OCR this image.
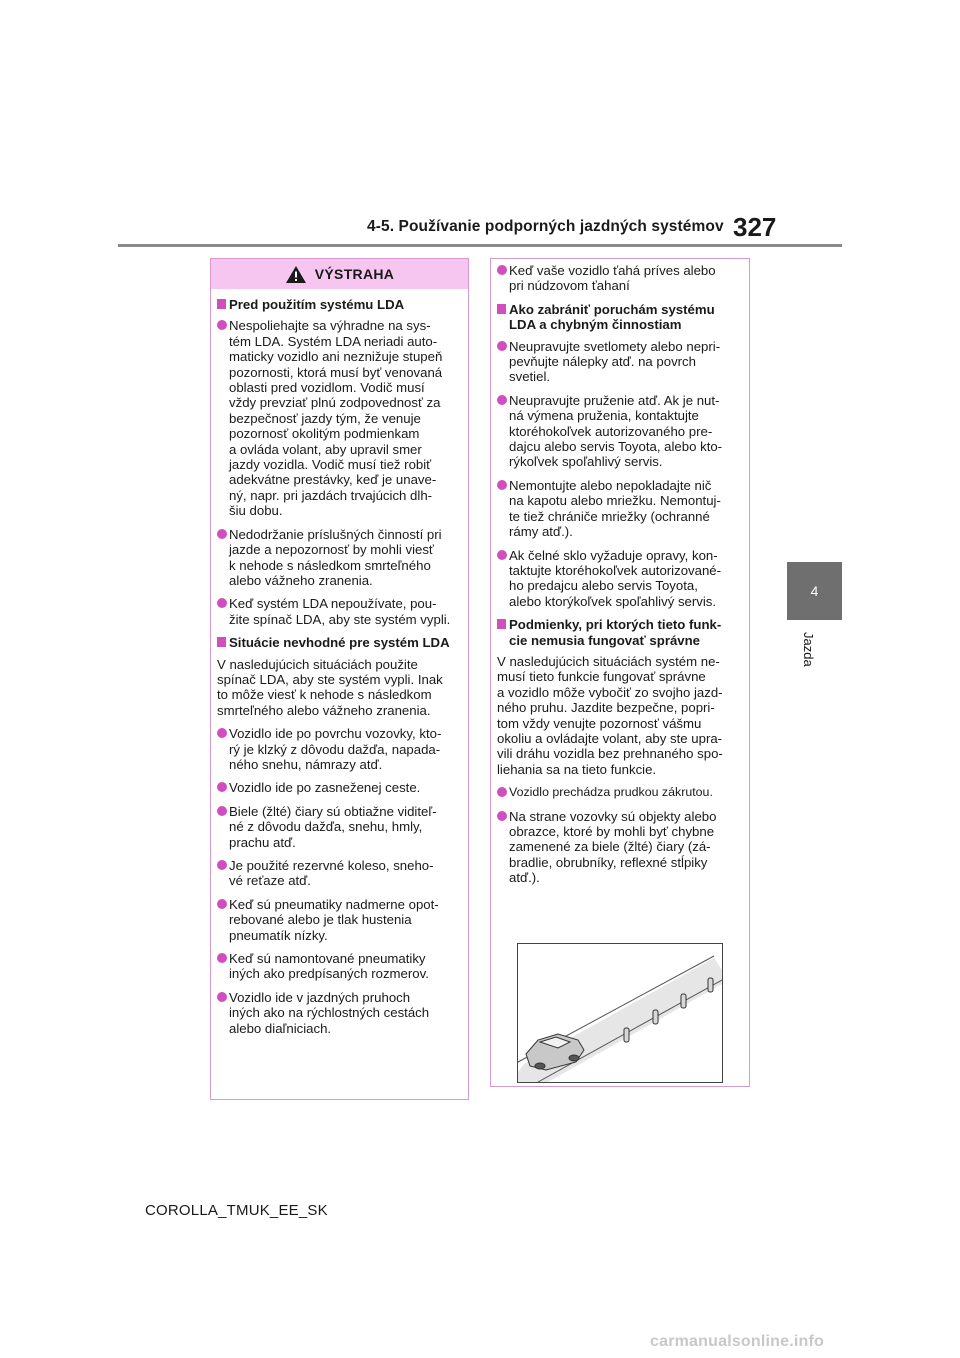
4-5. Používanie podporných jazdných systémov 327
4
Jazda
VÝSTRAHA
Pred použitím systému LDA
Nespoliehajte sa výhradne na sys-
tém LDA. Systém LDA neriadi auto-
maticky vozidlo ani neznižuje stupeň
pozornosti, ktorá musí byť venovaná
oblasti pred vozidlom. Vodič musí
vždy prevziať plnú zodpovednosť za
bezpečnosť jazdy tým, že venuje
pozornosť okolitým podmienkam
a ovláda volant, aby upravil smer
jazdy vozidla. Vodič musí tiež robiť
adekvátne prestávky, keď je unave-
ný, napr. pri jazdách trvajúcich dlh-
šiu dobu.
Nedodržanie príslušných činností pri
jazde a nepozornosť by mohli viesť
k nehode s následkom smrteľného
alebo vážneho zranenia.
Keď systém LDA nepoužívate, pou-
žite spínač LDA, aby ste systém vypli.
Situácie nevhodné pre systém LDA
V nasledujúcich situáciách použite
spínač LDA, aby ste systém vypli. Inak
to môže viesť k nehode s následkom
smrteľného alebo vážneho zranenia.
Vozidlo ide po povrchu vozovky, kto-
rý je klzký z dôvodu dažďa, napada-
ného snehu, námrazy atď.
Vozidlo ide po zasneženej ceste.
Biele (žlté) čiary sú obtiažne viditeľ-
né z dôvodu dažďa, snehu, hmly,
prachu atď.
Je použité rezervné koleso, sneho-
vé reťaze atď.
Keď sú pneumatiky nadmerne opot-
rebované alebo je tlak hustenia
pneumatík nízky.
Keď sú namontované pneumatiky
iných ako predpísaných rozmerov.
Vozidlo ide v jazdných pruhoch
iných ako na rýchlostných cestách
alebo diaľniciach.
Keď vaše vozidlo ťahá príves alebo
pri núdzovom ťahaní
Ako zabrániť poruchám systému
LDA a chybným činnostiam
Neupravujte svetlomety alebo nepri-
pevňujte nálepky atď. na povrch
svetiel.
Neupravujte pruženie atď. Ak je nut-
ná výmena pruženia, kontaktujte
ktoréhokoľvek autorizovaného pre-
dajcu alebo servis Toyota, alebo kto-
rýkoľvek spoľahlivý servis.
Nemontujte alebo nepokladajte nič
na kapotu alebo mriežku. Nemontuj-
te tiež chrániče mriežky (ochranné
rámy atď.).
Ak čelné sklo vyžaduje opravy, kon-
taktujte ktoréhokoľvek autorizované-
ho predajcu alebo servis Toyota,
alebo ktorýkoľvek spoľahlivý servis.
Podmienky, pri ktorých tieto funk-
cie nemusia fungovať správne
V nasledujúcich situáciách systém ne-
musí tieto funkcie fungovať správne
a vozidlo môže vybočiť zo svojho jazd-
ného pruhu. Jazdite bezpečne, popri-
tom vždy venujte pozornosť vášmu
okoliu a ovládajte volant, aby ste upra-
vili dráhu vozidla bez prehnaného spo-
liehania sa na tieto funkcie.
Vozidlo prechádza prudkou zákrutou.
Na strane vozovky sú objekty alebo
obrazce, ktoré by mohli byť chybne
zamenené za biele (žlté) čiary (zá-
bradlie, obrubníky, reflexné stĺpiky
atď.).
COROLLA_TMUK_EE_SK
carmanualsonline.info
